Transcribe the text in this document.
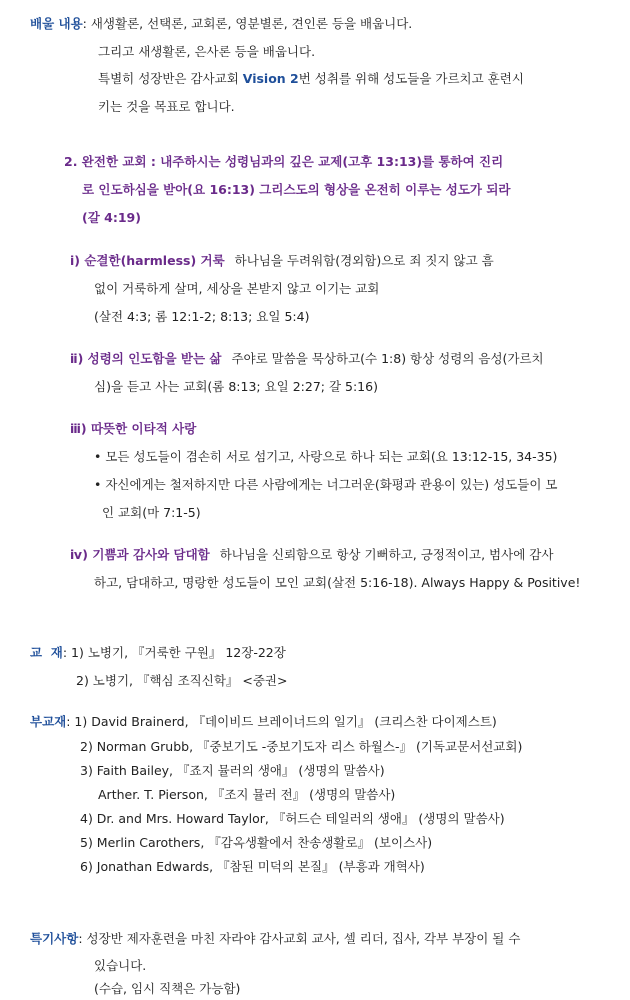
배울 내용: 새생활론, 선택론, 교회론, 영분별론, 견인론 등을 배웁니다.
그리고 새생활론, 은사론 등을 배웁니다.
특별히 성장반은 감사교회 Vision 2번 성취를 위해 성도들을 가르치고 훈련시
키는 것을 목표로 합니다.
2. 완전한 교회 : 내주하시는 성령님과의 깊은 교제(고후 13:13)를 통하여 진리
로 인도하심을 받아(요 16:13) 그리스도의 형상을 온전히 이루는 성도가 되라
(갈 4:19)
ⅰ) 순결한(harmless) 거룩 하나님을 두려워함(경외함)으로 죄 짓지 않고 흠
없이 거룩하게 살며, 세상을 본받지 않고 이기는 교회
(살전 4:3; 롬 12:1-2; 8:13; 요일 5:4)
ⅱ) 성령의 인도함을 받는 삶 주야로 말씀을 묵상하고(수 1:8) 항상 성령의 음성(가르치
심)을 듣고 사는 교회(롬 8:13; 요일 2:27; 갈 5:16)
ⅲ) 따뜻한 이타적 사랑
• 모든 성도들이 겸손히 서로 섬기고, 사랑으로 하나 되는 교회(요 13:12-15, 34-35)
• 자신에게는 철저하지만 다른 사람에게는 너그러운(화평과 관용이 있는) 성도들이 모
인 교회(마 7:1-5)
ⅳ) 기쁨과 감사와 담대함 하나님을 신뢰함으로 항상 기뻐하고, 긍정적이고, 범사에 감사
하고, 담대하고, 명랑한 성도들이 모인 교회(살전 5:16-18). Always Happy & Positive!
교  재: 1) 노병기, 『거룩한 구원』 12장-22장
2) 노병기, 『핵심 조직신학』 <중권>
부교재: 1) David Brainerd, 『데이비드 브레이너드의 일기』 (크리스찬 다이제스트)
2) Norman Grubb, 『중보기도 -중보기도자 리스 하월스-』 (기독교문서선교회)
3) Faith Bailey, 『죠지 뮬러의 생애』 (생명의 말씀사)
Arther. T. Pierson, 『조지 뮬러 전』 (생명의 말씀사)
4) Dr. and Mrs. Howard Taylor, 『허드슨 테일러의 생애』 (생명의 말씀사)
5) Merlin Carothers, 『감옥생활에서 찬송생활로』 (보이스사)
6) Jonathan Edwards, 『참된 미덕의 본질』 (부흥과 개혁사)
특기사항: 성장반 제자훈련을 마친 자라야 감사교회 교사, 셀 리더, 집사, 각부 부장이 될 수
있습니다.
(수습, 임시 직책은 가능함)
